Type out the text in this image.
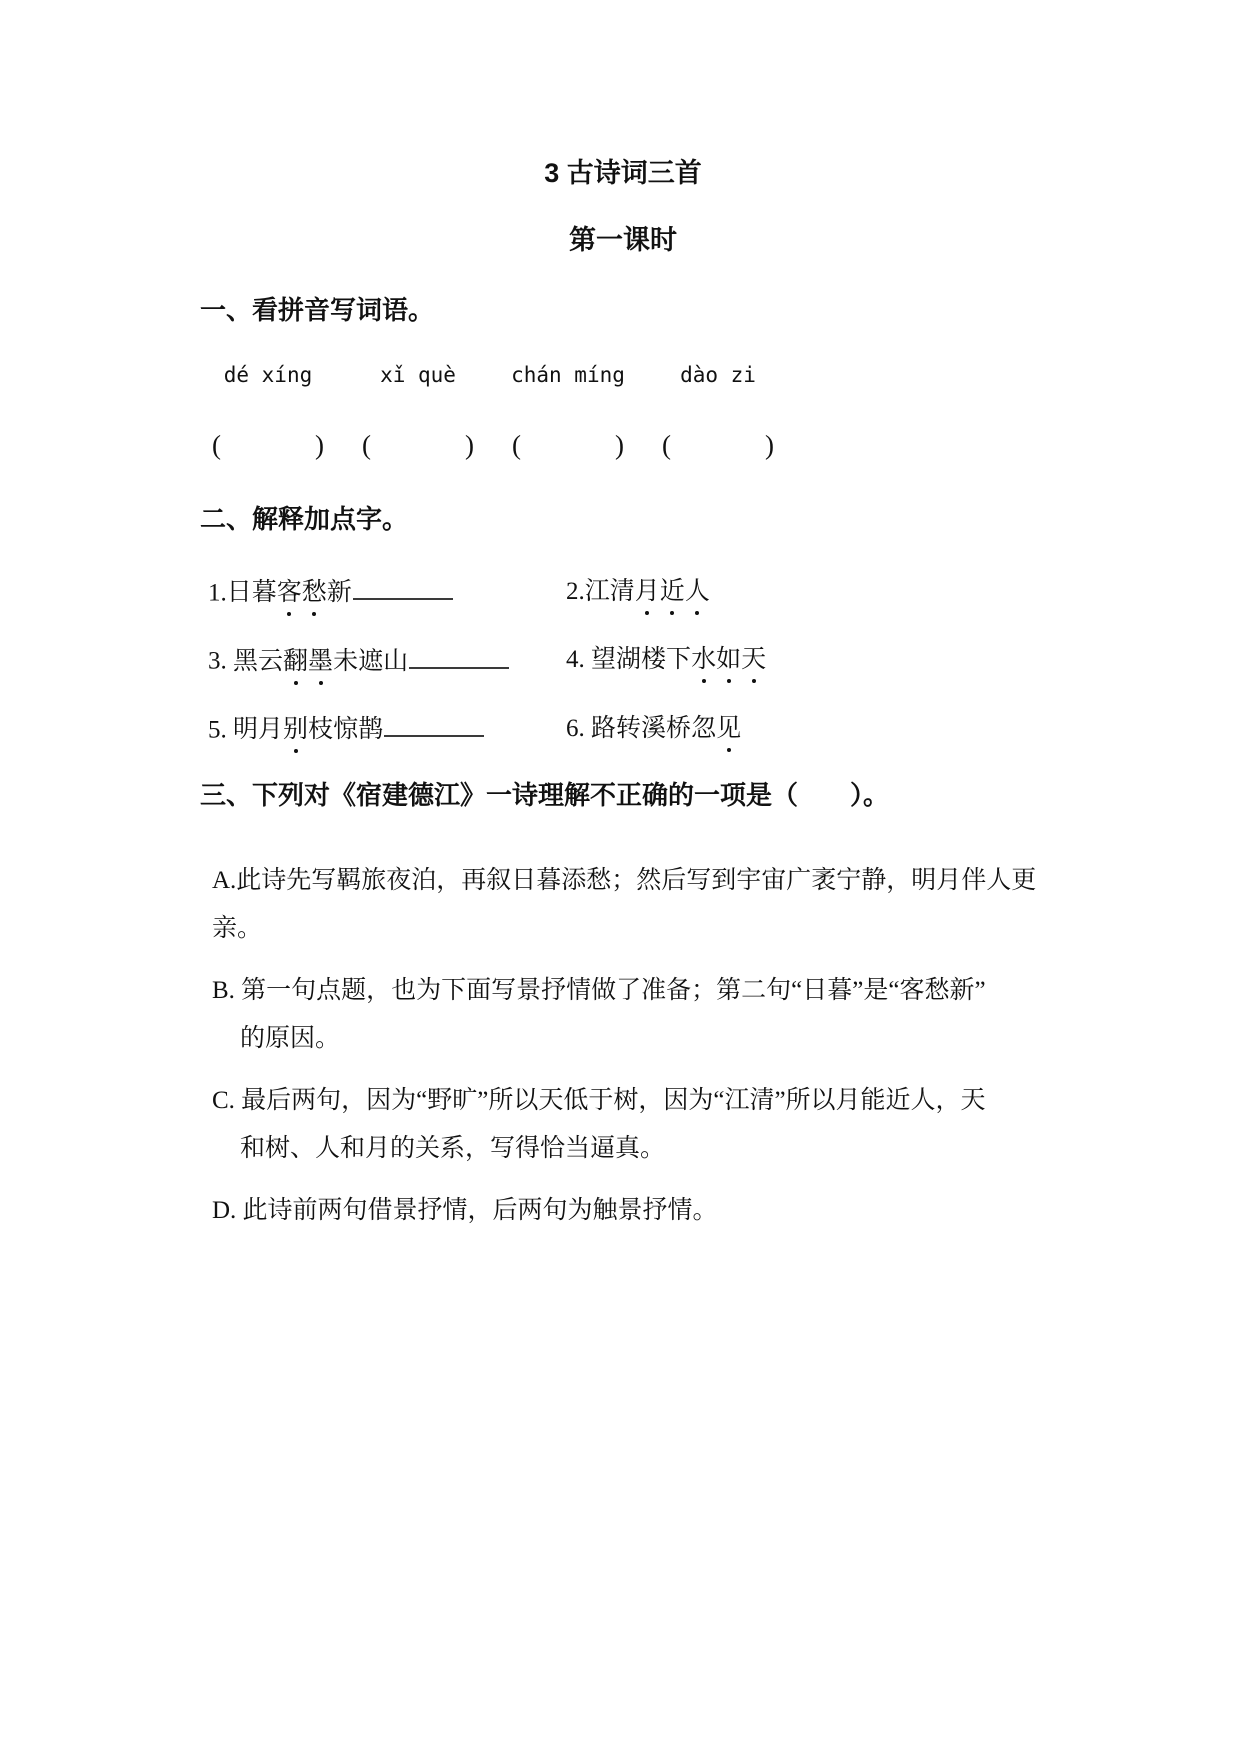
3 古诗词三首
第一课时
一、看拼音写词语。
dé xíng
(	)
xǐ què
(	)
chán míng
(	)
dào zi
(	)
二、解释加点字。
1.日暮客愁新	2.江清月近人
3. 黑云翻墨未遮山	4. 望湖楼下水如天
5. 明月别枝惊鹊	6. 路转溪桥忽见
三、下列对《宿建德江》一诗理解不正确的一项是（　　）。
A.此诗先写羁旅夜泊，再叙日暮添愁；然后写到宇宙广袤宁静，明月伴人更亲。
B. 第一句点题，也为下面写景抒情做了准备；第二句“日暮”是“客愁新”
的原因。
C. 最后两句，因为“野旷”所以天低于树，因为“江清”所以月能近人，天
和树、人和月的关系，写得恰当逼真。
D. 此诗前两句借景抒情，后两句为触景抒情。
